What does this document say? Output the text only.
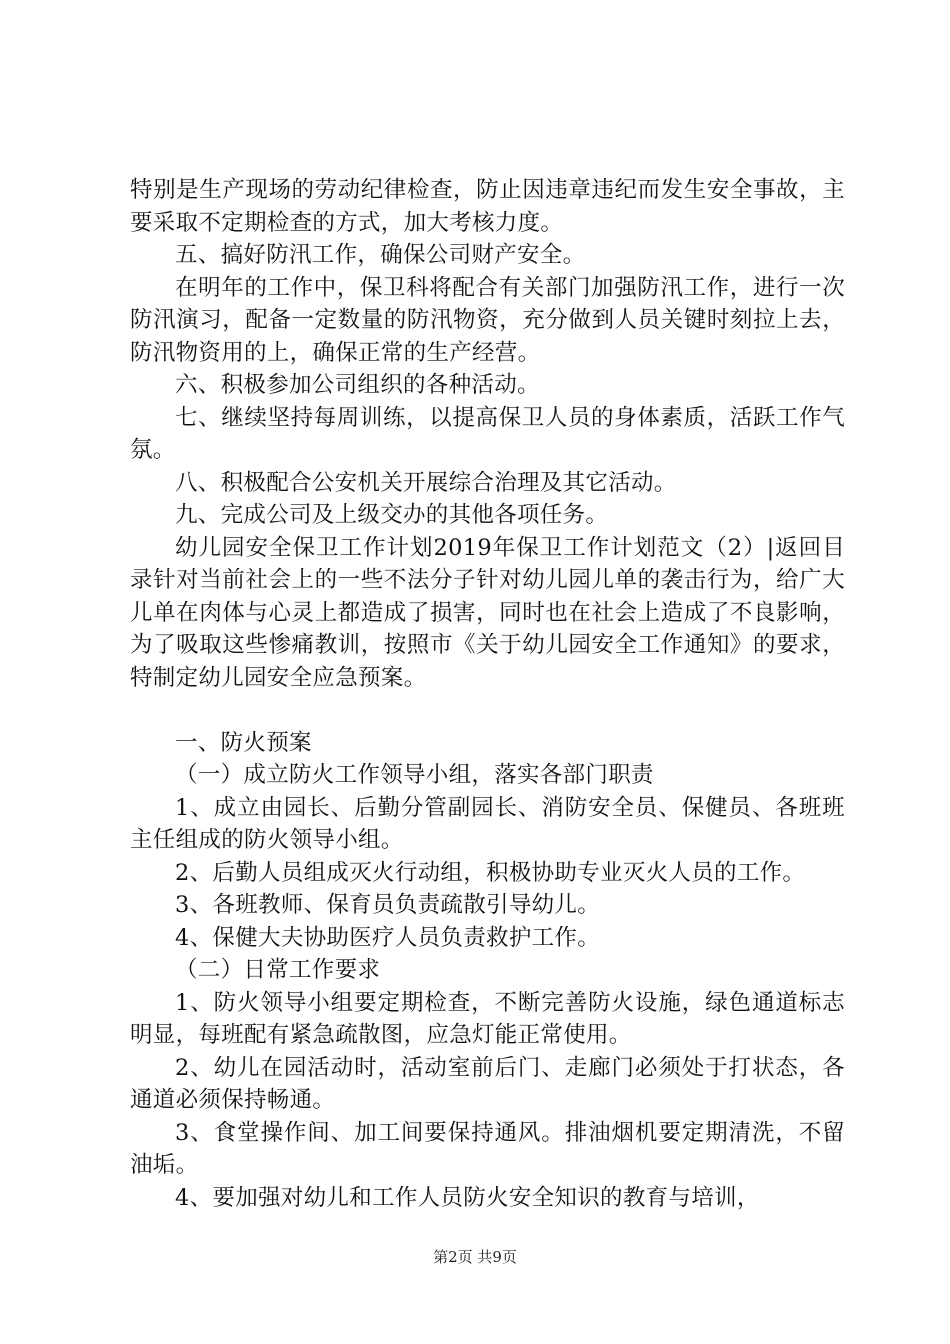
特别是生产现场的劳动纪律检查，防止因违章违纪而发生安全事故，主要采取不定期检查的方式，加大考核力度。

五、搞好防汛工作，确保公司财产安全。

在明年的工作中，保卫科将配合有关部门加强防汛工作，进行一次防汛演习，配备一定数量的防汛物资，充分做到人员关键时刻拉上去，防汛物资用的上，确保正常的生产经营。

六、积极参加公司组织的各种活动。

七、继续坚持每周训练，以提高保卫人员的身体素质，活跃工作气氛。

八、积极配合公安机关开展综合治理及其它活动。

九、完成公司及上级交办的其他各项任务。

幼儿园安全保卫工作计划2019年保卫工作计划范文（2）|返回目录针对当前社会上的一些不法分子针对幼儿园儿单的袭击行为，给广大儿单在肉体与心灵上都造成了损害，同时也在社会上造成了不良影响，为了吸取这些惨痛教训，按照市《关于幼儿园安全工作通知》的要求，特制定幼儿园安全应急预案。

一、防火预案

（一）成立防火工作领导小组，落实各部门职责

1、成立由园长、后勤分管副园长、消防安全员、保健员、各班班主任组成的防火领导小组。

2、后勤人员组成灭火行动组，积极协助专业灭火人员的工作。

3、各班教师、保育员负责疏散引导幼儿。

4、保健大夫协助医疗人员负责救护工作。

（二）日常工作要求

1、防火领导小组要定期检查，不断完善防火设施，绿色通道标志明显，每班配有紧急疏散图，应急灯能正常使用。

2、幼儿在园活动时，活动室前后门、走廊门必须处于打状态，各通道必须保持畅通。

3、食堂操作间、加工间要保持通风。排油烟机要定期清洗，不留油垢。

4、要加强对幼儿和工作人员防火安全知识的教育与培训，

第2页 共9页
